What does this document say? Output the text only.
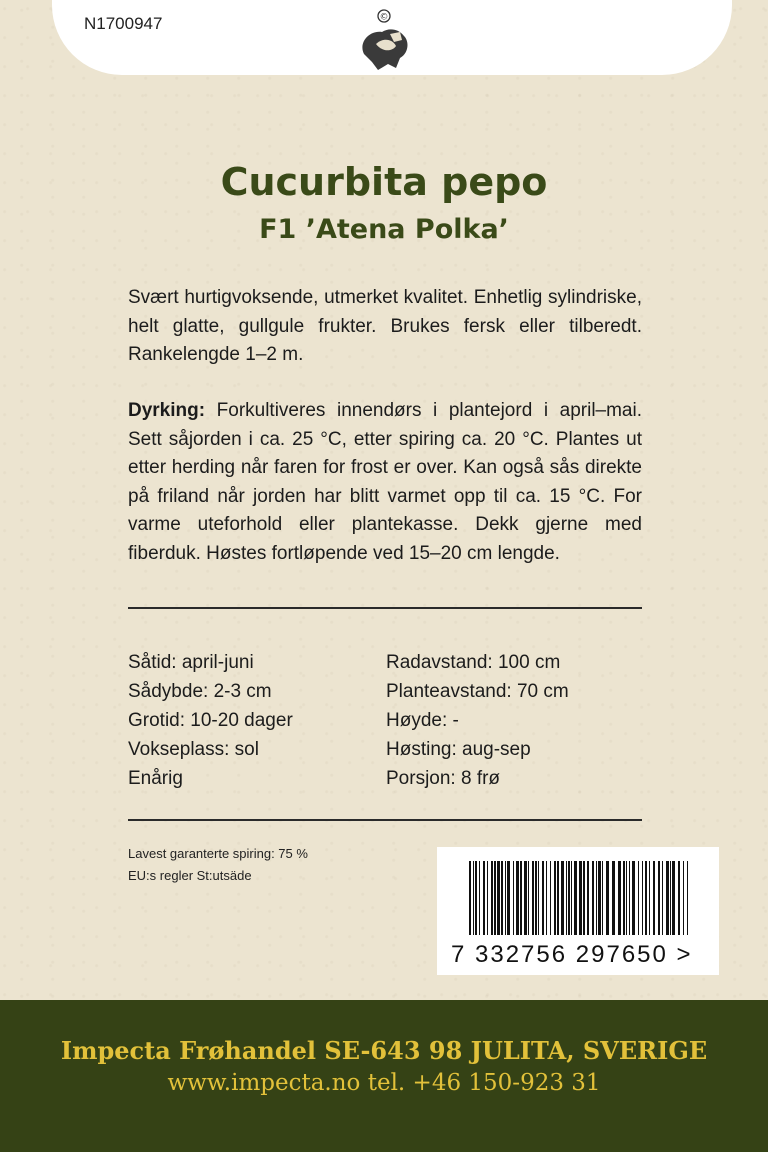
N1700947	©
Cucurbita pepo
F1 ’Atena Polka’
Svært hurtigvoksende, utmerket kvalitet. Enhetlig sylindriske, helt glatte, gullgule frukter. Brukes fersk eller tilberedt. Rankelengde 1–2 m.
Dyrking: Forkultiveres innendørs i plantejord i april–mai. Sett såjorden i ca. 25 °C, etter spiring ca. 20 °C. Plantes ut etter herding når faren for frost er over. Kan også sås direkte på friland når jorden har blitt varmet opp til ca. 15 °C. For varme uteforhold eller plantekasse. Dekk gjerne med fiberduk. Høstes fortløpende ved 15–20 cm lengde.
Såtid: april-juni
Sådybde: 2-3 cm
Grotid: 10-20 dager
Vokseplass: sol
Enårig
Radavstand: 100 cm
Planteavstand: 70 cm
Høyde: -
Høsting: aug-sep
Porsjon: 8 frø
Lavest garanterte spiring: 75 %
EU:s regler St:utsäde
7 332756 297650 >
Impecta Frøhandel SE-643 98 JULITA, SVERIGE
www.impecta.no tel. +46 150-923 31
